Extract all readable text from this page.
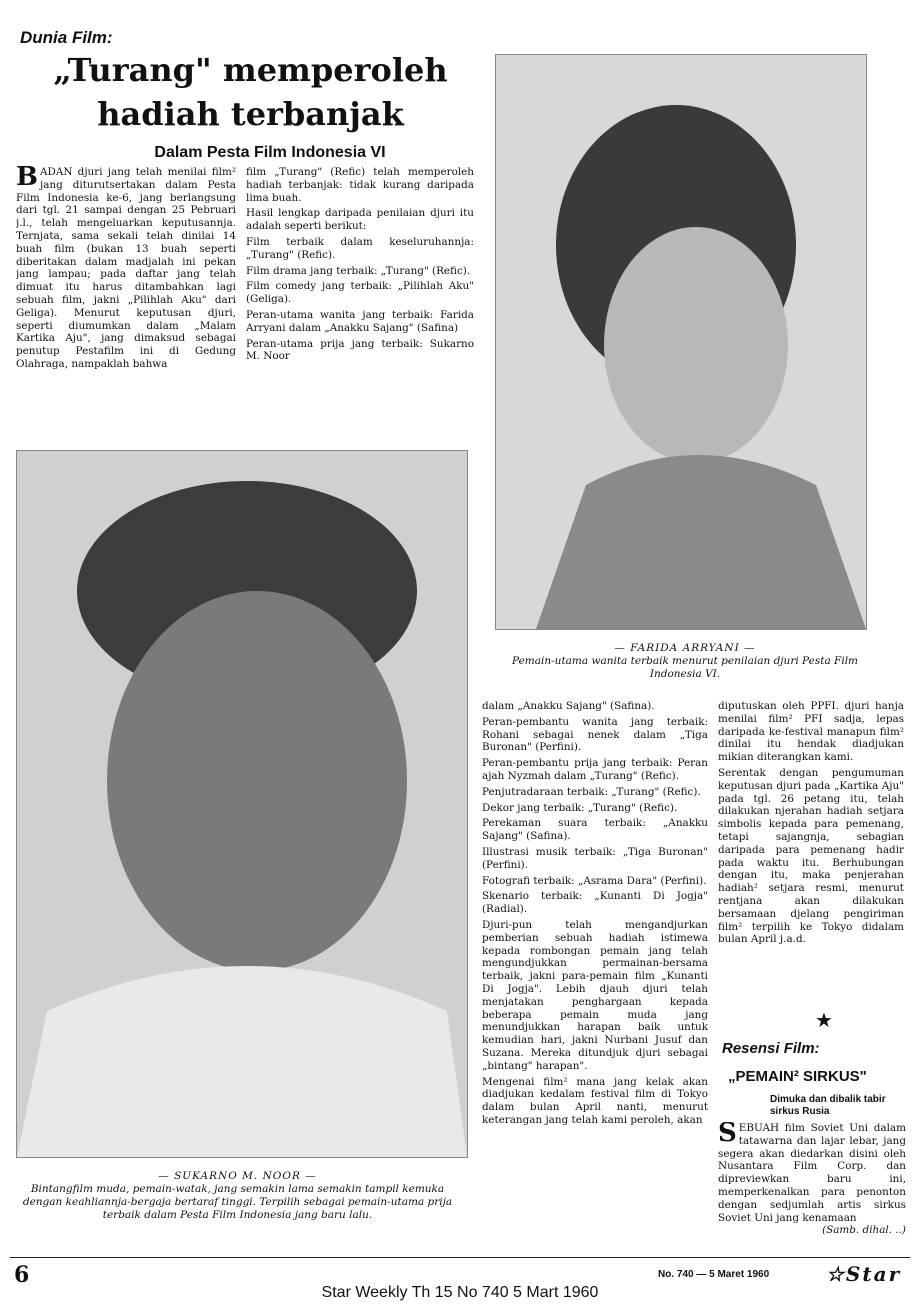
Dunia Film:
„Turang" memperoleh hadiah terbanjak
Dalam Pesta Film Indonesia VI
BADAN djuri jang telah menilai film² jang diturutsertakan dalam Pesta Film Indonesia ke-6, jang berlangsung dari tgl. 21 sampai dengan 25 Pebruari j.l., telah mengeluarkan keputusannja. Ternjata, sama sekali telah dinilai 14 buah film (bukan 13 buah seperti diberitakan dalam madjalah ini pekan jang lampau; pada daftar jang telah dimuat itu harus ditambahkan lagi sebuah film, jakni „Pilihlah Aku" dari Geliga). Menurut keputusan djuri, seperti diumumkan dalam „Malam Kartika Aju", jang dimaksud sebagai penutup Pestafilm ini di Gedung Olahraga, nampaklah bahwa

film „Turang" (Refic) telah memperoleh hadiah terbanjak: tidak kurang daripada lima buah.

Hasil lengkap daripada penilaian djuri itu adalah seperti berikut:

Film terbaik dalam keseluruhannja: „Turang" (Refic).

Film drama jang terbaik: „Turang" (Refic).

Film comedy jang terbaik: „Pilihlah Aku" (Geliga).

Peran-utama wanita jang terbaik: Farida Arryani dalam „Anakku Sajang" (Safina)

Peran-utama prija jang terbaik: Sukarno M. Noor

— FARIDA ARRYANI —
Pemain-utama wanita terbaik menurut penilaian djuri Pesta Film Indonesia VI.
— SUKARNO M. NOOR —
Bintangfilm muda, pemain-watak, jang semakin lama semakin tampil kemuka dengan keahliannja-bergaja bertaraf tinggi. Terpilih sebagai pemain-utama prija terbaik dalam Pesta Film Indonesia jang baru lalu.

dalam „Anakku Sajang" (Safina).

Peran-pembantu wanita jang terbaik: Rohani sebagai nenek dalam „Tiga Buronan" (Perfini).

Peran-pembantu prija jang terbaik: Peran ajah Nyzmah dalam „Turang" (Refic).

Penjutradaraan terbaik: „Turang" (Refic).

Dekor jang terbaik: „Turang" (Refic).

Perekaman suara terbaik: „Anakku Sajang" (Safina).

Illustrasi musik terbaik: „Tiga Buronan" (Perfini).

Fotografi terbaik: „Asrama Dara" (Perfini).

Skenario terbaik: „Kunanti Di Jogja" (Radial).

Djuri-pun telah mengandjurkan pemberian sebuah hadiah istimewa kepada rombongan pemain jang telah mengundjukkan permainan-bersama terbaik, jakni para-pemain film „Kunanti Di Jogja". Lebih djauh djuri telah menjatakan penghargaan kepada beberapa pemain muda jang menundjukkan harapan baik untuk kemudian hari, jakni Nurbani Jusuf dan Suzana. Mereka ditundjuk djuri sebagai „bintang" harapan".

Mengenai film² mana jang kelak akan diadjukan kedalam festival film di Tokyo dalam bulan April nanti, menurut keterangan jang telah kami peroleh, akan

diputuskan oleh PPFI. djuri hanja menilai film² PFI sadja, lepas daripada ke-festival manapun film² dinilai itu hendak diadjukan mikian diterangkan kami.

Serentak dengan pengumuman keputusan djuri pada „Kartika Aju" pada tgl. 26 petang itu, telah dilakukan njerahan hadiah setjara simbolis kepada para pemenang, tetapi sajangnja, sebagian daripada para pemenang hadir pada waktu itu. Berhubungan dengan itu, maka penjerahan hadiah² setjara resmi, menurut rentjana akan dilakukan bersamaan djelang pengiriman film² terpilih ke Tokyo didalam bulan April j.a.d.

★
Resensi Film:
„PEMAIN² SIRKUS"
Dimuka dan dibalik tabir sirkus Rusia
SEBUAH film Soviet Uni dalam tatawarna dan lajar lebar, jang segera akan diedarkan disini oleh Nusantara Film Corp. dan dipreviewkan baru ini, memperkenalkan para penonton dengan sedjumlah artis sirkus Soviet Uni jang kenamaan
(Samb. dihal. ..)
6	No. 740 — 5 Maret 1960	☆Star
Star Weekly Th 15 No 740 5 Mart 1960
